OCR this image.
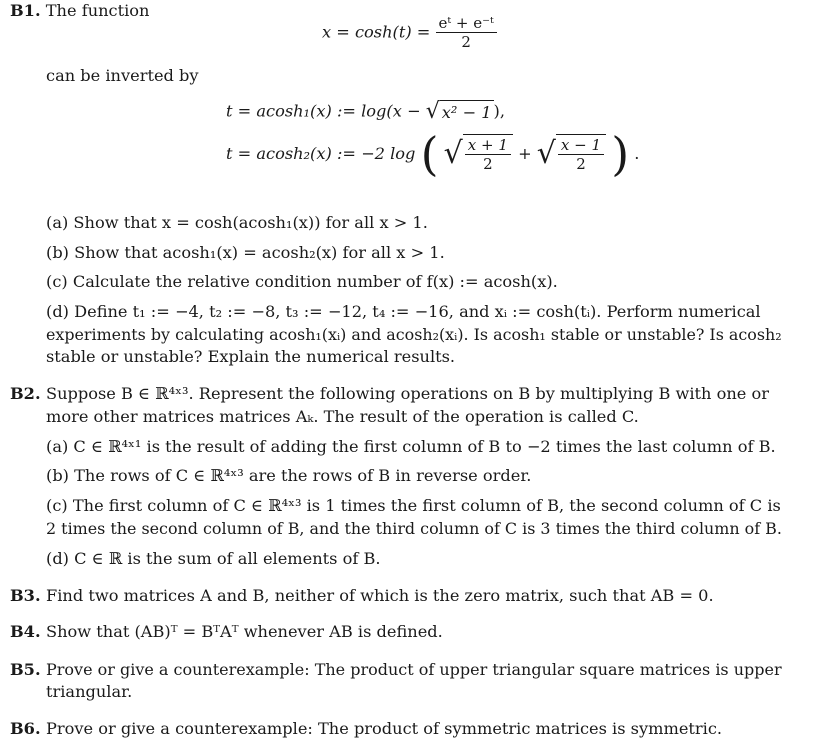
B1. The function
$x = \cosh(t) = \frac{\text{eᵗ + e⁻ᵗ}}{2}$
can be inverted by
t = acosh₁(x) := log(x − √ x² − 1 ),
t = acosh₂(x) := −2 log ( √ $\frac{x + 1}{2}$ + √ $\frac{x - 1}{2}$ ) .
(a) Show that x = cosh(acosh₁(x)) for all x > 1.
(b) Show that acosh₁(x) = acosh₂(x) for all x > 1.
(c) Calculate the relative condition number of f(x) := acosh(x).
(d) Define t₁ := −4, t₂ := −8, t₃ := −12, t₄ := −16, and xᵢ := cosh(tᵢ). Perform numerical
experiments by calculating acosh₁(xᵢ) and acosh₂(xᵢ). Is acosh₁ stable or unstable? Is acosh₂
stable or unstable? Explain the numerical results.
B2. Suppose B ∈ ℝ⁴ˣ³. Represent the following operations on B by multiplying B with one or
more other matrices matrices Aₖ. The result of the operation is called C.
(a) C ∈ ℝ⁴ˣ¹ is the result of adding the first column of B to −2 times the last column of B.
(b) The rows of C ∈ ℝ⁴ˣ³ are the rows of B in reverse order.
(c) The first column of C ∈ ℝ⁴ˣ³ is 1 times the first column of B, the second column of C is
2 times the second column of B, and the third column of C is 3 times the third column of B.
(d) C ∈ ℝ is the sum of all elements of B.
B3. Find two matrices A and B, neither of which is the zero matrix, such that AB = 0.
B4. Show that (AB)ᵀ = BᵀAᵀ whenever AB is defined.
B5. Prove or give a counterexample: The product of upper triangular square matrices is upper
triangular.
B6. Prove or give a counterexample: The product of symmetric matrices is symmetric.
